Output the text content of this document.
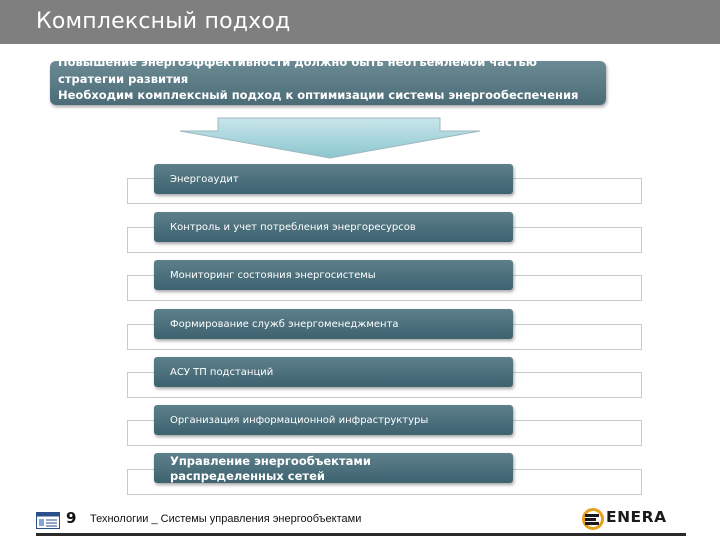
Комплексный подход
Повышение энергоэффективности должно быть неотъемлемой частью
стратегии развития
Необходим комплексный подход к оптимизации системы энергообеспечения
компании
Энергоаудит
Контроль и учет потребления энергоресурсов
Мониторинг состояния энергосистемы
Формирование служб энергоменеджмента
АСУ ТП подстанций
Организация информационной инфраструктуры
Управление энергообъектами
распределенных сетей
9 Технологии _ Системы управления энергообъектами	ENERA
